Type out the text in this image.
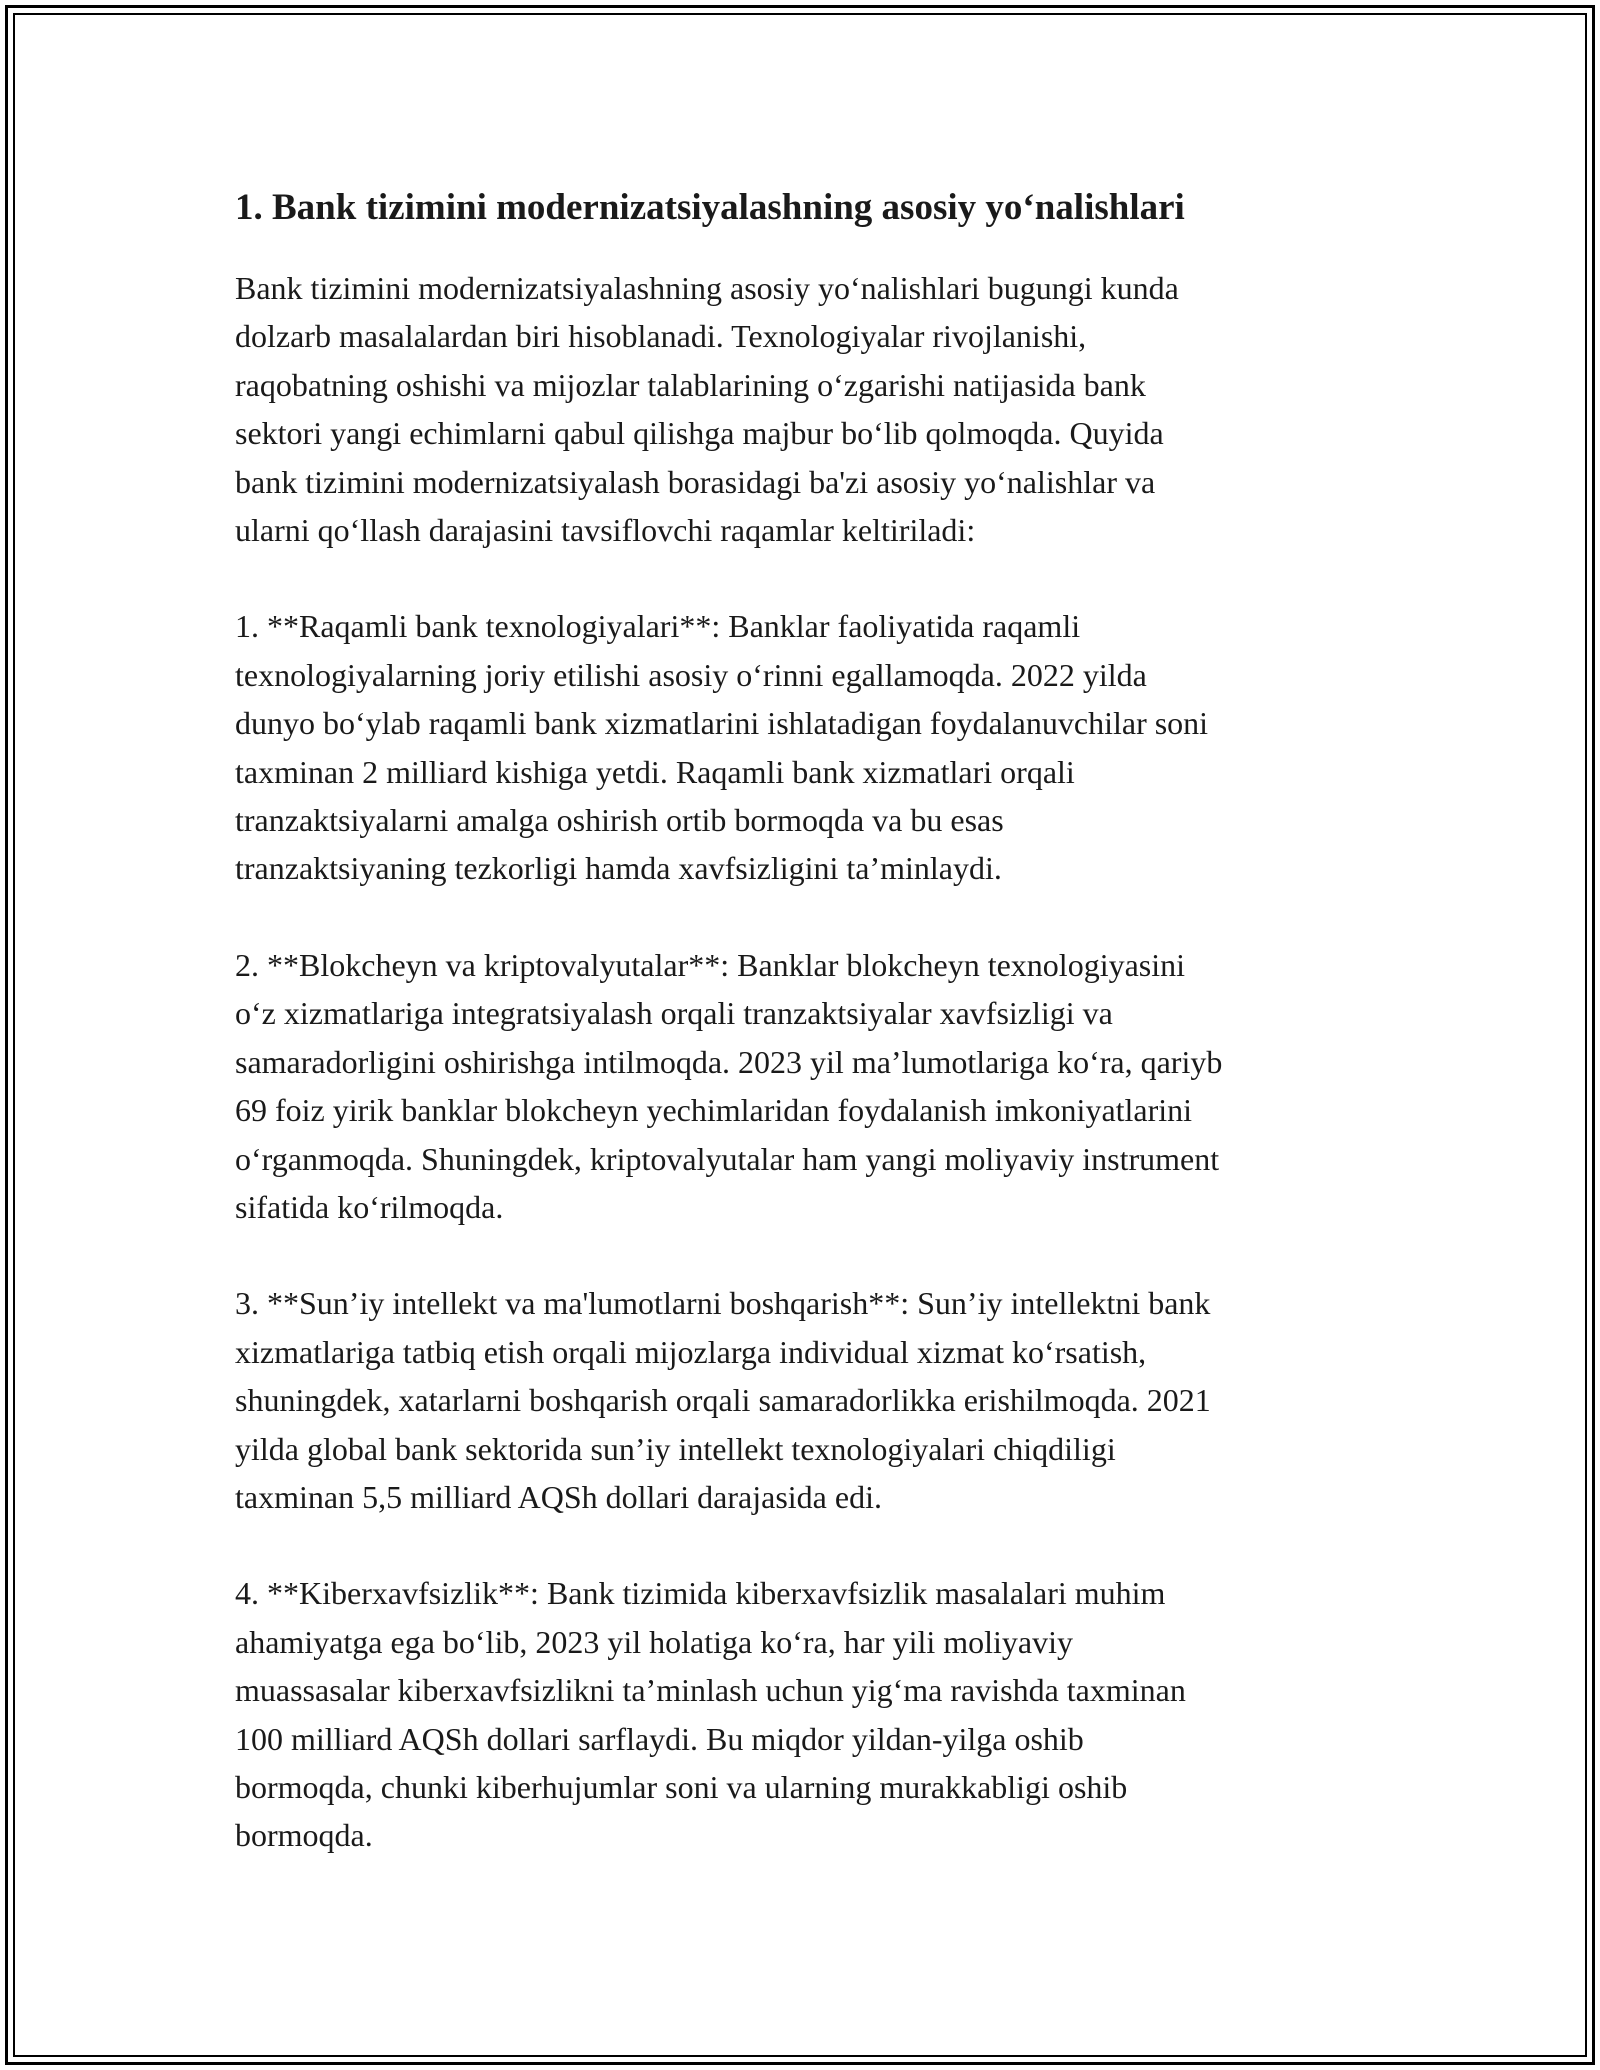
1. Bank tizimini modernizatsiyalashning asosiy yoʻnalishlari

Bank tizimini modernizatsiyalashning asosiy yoʻnalishlari bugungi kunda
dolzarb masalalardan biri hisoblanadi. Texnologiyalar rivojlanishi,
raqobatning oshishi va mijozlar talablarining oʻzgarishi natijasida bank
sektori yangi echimlarni qabul qilishga majbur boʻlib qolmoqda. Quyida
bank tizimini modernizatsiyalash borasidagi ba'zi asosiy yoʻnalishlar va
ularni qoʻllash darajasini tavsiflovchi raqamlar keltiriladi:

1. **Raqamli bank texnologiyalari**: Banklar faoliyatida raqamli
texnologiyalarning joriy etilishi asosiy oʻrinni egallamoqda. 2022 yilda
dunyo boʻylab raqamli bank xizmatlarini ishlatadigan foydalanuvchilar soni
taxminan 2 milliard kishiga yetdi. Raqamli bank xizmatlari orqali
tranzaktsiyalarni amalga oshirish ortib bormoqda va bu esas
tranzaktsiyaning tezkorligi hamda xavfsizligini ta’minlaydi.

2. **Blokcheyn va kriptovalyutalar**: Banklar blokcheyn texnologiyasini
oʻz xizmatlariga integratsiyalash orqali tranzaktsiyalar xavfsizligi va
samaradorligini oshirishga intilmoqda. 2023 yil ma’lumotlariga koʻra, qariyb
69 foiz yirik banklar blokcheyn yechimlaridan foydalanish imkoniyatlarini
oʻrganmoqda. Shuningdek, kriptovalyutalar ham yangi moliyaviy instrument
sifatida koʻrilmoqda.

3. **Sun’iy intellekt va ma'lumotlarni boshqarish**: Sun’iy intellektni bank
xizmatlariga tatbiq etish orqali mijozlarga individual xizmat koʻrsatish,
shuningdek, xatarlarni boshqarish orqali samaradorlikka erishilmoqda. 2021
yilda global bank sektorida sun’iy intellekt texnologiyalari chiqdiligi
taxminan 5,5 milliard AQSh dollari darajasida edi.

4. **Kiberxavfsizlik**: Bank tizimida kiberxavfsizlik masalalari muhim
ahamiyatga ega boʻlib, 2023 yil holatiga koʻra, har yili moliyaviy
muassasalar kiberxavfsizlikni ta’minlash uchun yigʻma ravishda taxminan
100 milliard AQSh dollari sarflaydi. Bu miqdor yildan-yilga oshib
bormoqda, chunki kiberhujumlar soni va ularning murakkabligi oshib
bormoqda.
